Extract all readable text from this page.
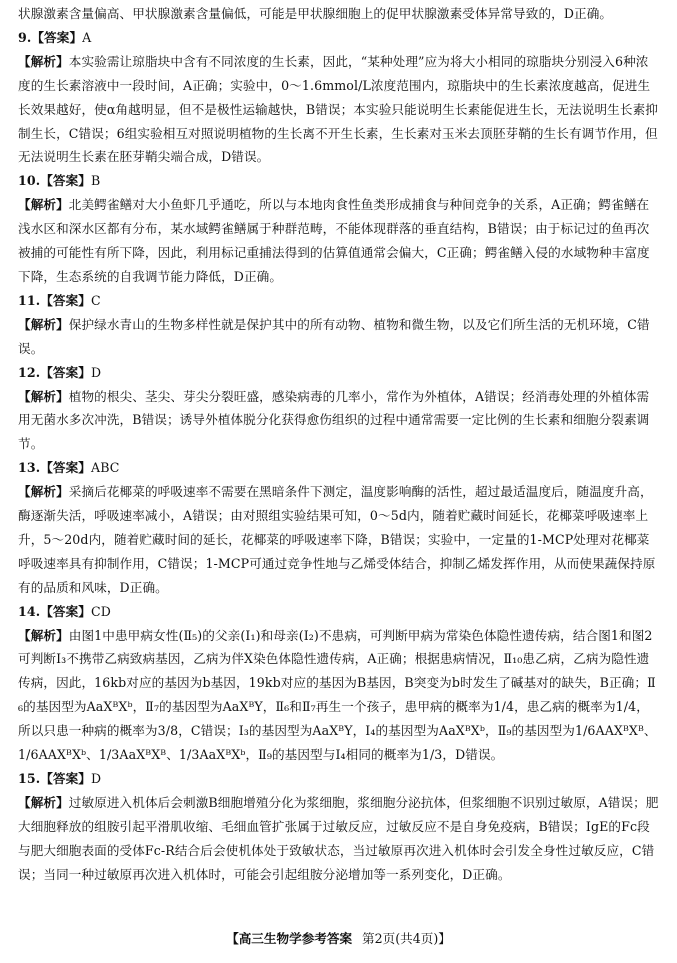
状腺激素含量偏高、甲状腺激素含量偏低，可能是甲状腺细胞上的促甲状腺激素受体异常导致的，D正确。
9.【答案】A
【解析】本实验需让琼脂块中含有不同浓度的生长素，因此，“某种处理”应为将大小相同的琼脂块分别浸入6种浓度的生长素溶液中一段时间，A正确；实验中，0～1.6mmol/L浓度范围内，琼脂块中的生长素浓度越高，促进生长效果越好，使α角越明显，但不是极性运输越快，B错误；本实验只能说明生长素能促进生长，无法说明生长素抑制生长，C错误；6组实验相互对照说明植物的生长离不开生长素，生长素对玉米去顶胚芽鞘的生长有调节作用，但无法说明生长素在胚芽鞘尖端合成，D错误。
10.【答案】B
【解析】北美鳄雀鳝对大小鱼虾几乎通吃，所以与本地肉食性鱼类形成捕食与种间竞争的关系，A正确；鳄雀鳝在浅水区和深水区都有分布，某水域鳄雀鳝属于种群范畴，不能体现群落的垂直结构，B错误；由于标记过的鱼再次被捕的可能性有所下降，因此，利用标记重捕法得到的估算值通常会偏大，C正确；鳄雀鳝入侵的水域物种丰富度下降，生态系统的自我调节能力降低，D正确。
11.【答案】C
【解析】保护绿水青山的生物多样性就是保护其中的所有动物、植物和微生物，以及它们所生活的无机环境，C错误。
12.【答案】D
【解析】植物的根尖、茎尖、芽尖分裂旺盛，感染病毒的几率小，常作为外植体，A错误；经消毒处理的外植体需用无菌水多次冲洗，B错误；诱导外植体脱分化获得愈伤组织的过程中通常需要一定比例的生长素和细胞分裂素调节。
13.【答案】ABC
【解析】采摘后花椰菜的呼吸速率不需要在黑暗条件下测定，温度影响酶的活性，超过最适温度后，随温度升高，酶逐渐失活，呼吸速率减小，A错误；由对照组实验结果可知，0～5d内，随着贮藏时间延长，花椰菜呼吸速率上升，5～20d内，随着贮藏时间的延长，花椰菜的呼吸速率下降，B错误；实验中，一定量的1-MCP处理对花椰菜呼吸速率具有抑制作用，C错误；1-MCP可通过竞争性地与乙烯受体结合，抑制乙烯发挥作用，从而使果蔬保持原有的品质和风味，D正确。
14.【答案】CD
【解析】由图1中患甲病女性(Ⅱ₅)的父亲(Ⅰ₁)和母亲(Ⅰ₂)不患病，可判断甲病为常染色体隐性遗传病，结合图1和图2可判断Ⅰ₃不携带乙病致病基因，乙病为伴X染色体隐性遗传病，A正确；根据患病情况，Ⅱ₁₀患乙病，乙病为隐性遗传病，因此，16kb对应的基因为b基因，19kb对应的基因为B基因，B突变为b时发生了碱基对的缺失，B正确；Ⅱ₆的基因型为AaXᴮXᵇ，Ⅱ₇的基因型为AaXᴮY，Ⅱ₆和Ⅱ₇再生一个孩子，患甲病的概率为1/4，患乙病的概率为1/4，所以只患一种病的概率为3/8，C错误；Ⅰ₃的基因型为AaXᴮY，Ⅰ₄的基因型为AaXᴮXᵇ，Ⅱ₉的基因型为1/6AAXᴮXᴮ、1/6AAXᴮXᵇ、1/3AaXᴮXᴮ、1/3AaXᴮXᵇ，Ⅱ₉的基因型与Ⅰ₄相同的概率为1/3，D错误。
15.【答案】D
【解析】过敏原进入机体后会刺激B细胞增殖分化为浆细胞，浆细胞分泌抗体，但浆细胞不识别过敏原，A错误；肥大细胞释放的组胺引起平滑肌收缩、毛细血管扩张属于过敏反应，过敏反应不是自身免疫病，B错误；IgE的Fc段与肥大细胞表面的受体Fc-R结合后会使机体处于致敏状态，当过敏原再次进入机体时会引发全身性过敏反应，C错误；当同一种过敏原再次进入机体时，可能会引起组胺分泌增加等一系列变化，D正确。
【高三生物学参考答案 第2页(共4页)】
